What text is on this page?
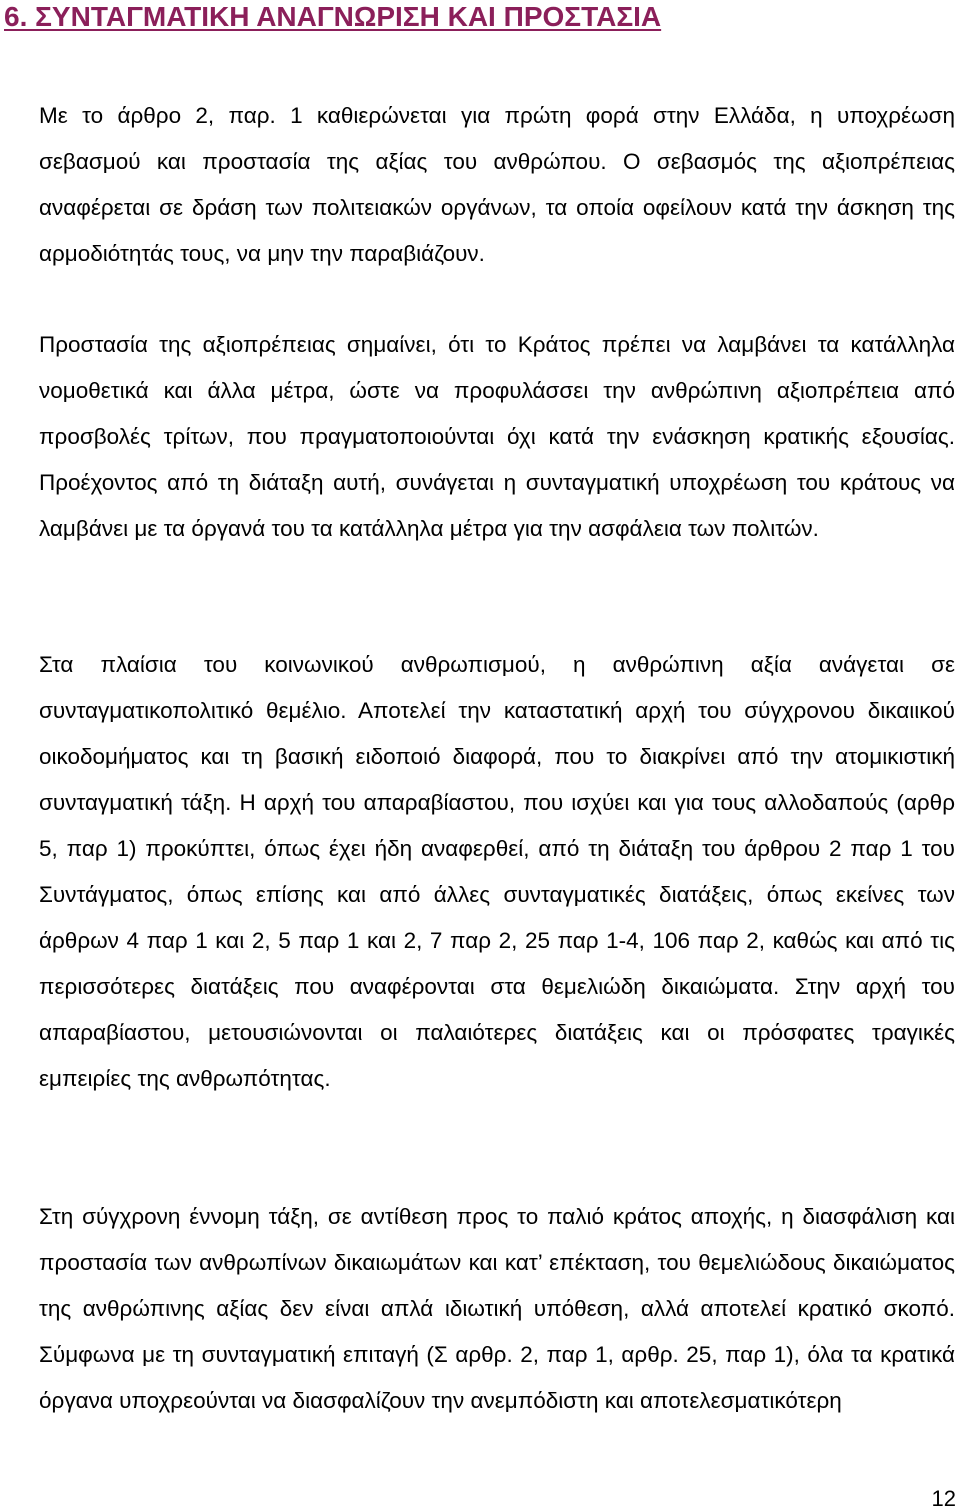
6. ΣΥΝΤΑΓΜΑΤΙΚΗ ΑΝΑΓΝΩΡΙΣΗ ΚΑΙ ΠΡΟΣΤΑΣΙΑ

Με το άρθρο 2, παρ. 1 καθιερώνεται για πρώτη φορά στην Ελλάδα, η υποχρέωση σεβασμού και προστασία της αξίας του ανθρώπου. Ο σεβασμός της αξιοπρέπειας αναφέρεται σε δράση των πολιτειακών οργάνων, τα οποία οφείλουν κατά την άσκηση της αρμοδιότητάς τους, να μην την παραβιάζουν.

Προστασία της αξιοπρέπειας σημαίνει, ότι το Κράτος πρέπει να λαμβάνει τα κατάλληλα νομοθετικά και άλλα μέτρα, ώστε να προφυλάσσει την ανθρώπινη αξιοπρέπεια από προσβολές τρίτων, που πραγματοποιούνται όχι κατά την ενάσκηση κρατικής εξουσίας. Προέχοντος από τη διάταξη αυτή, συνάγεται η συνταγματική υποχρέωση του κράτους να λαμβάνει με τα όργανά του τα κατάλληλα μέτρα για την ασφάλεια των πολιτών.

Στα πλαίσια του κοινωνικού ανθρωπισμού, η ανθρώπινη αξία ανάγεται σε συνταγματικοπολιτικό θεμέλιο. Αποτελεί την καταστατική αρχή του σύγχρονου δικαιικού οικοδομήματος και τη βασική ειδοποιό διαφορά, που το διακρίνει από την ατομικιστική συνταγματική τάξη. Η αρχή του απαραβίαστου, που ισχύει και για τους αλλοδαπούς (αρθρ 5, παρ 1) προκύπτει, όπως έχει ήδη αναφερθεί, από τη διάταξη του άρθρου 2 παρ 1 του Συντάγματος, όπως επίσης και από άλλες συνταγματικές διατάξεις, όπως εκείνες των άρθρων 4 παρ 1 και 2, 5 παρ 1 και 2, 7 παρ 2, 25 παρ 1-4, 106 παρ 2, καθώς και από τις περισσότερες διατάξεις που αναφέρονται στα θεμελιώδη δικαιώματα. Στην αρχή του απαραβίαστου, μετουσιώνονται οι παλαιότερες διατάξεις και οι πρόσφατες τραγικές εμπειρίες της ανθρωπότητας.

Στη σύγχρονη έννομη τάξη, σε αντίθεση προς το παλιό κράτος αποχής, η διασφάλιση και προστασία των ανθρωπίνων δικαιωμάτων και κατ’ επέκταση, του θεμελιώδους δικαιώματος της ανθρώπινης αξίας δεν είναι απλά ιδιωτική υπόθεση, αλλά αποτελεί κρατικό σκοπό. Σύμφωνα με τη συνταγματική επιταγή (Σ αρθρ. 2, παρ 1, αρθρ. 25, παρ 1), όλα τα κρατικά όργανα υποχρεούνται να διασφαλίζουν την ανεμπόδιστη και αποτελεσματικότερη

12
